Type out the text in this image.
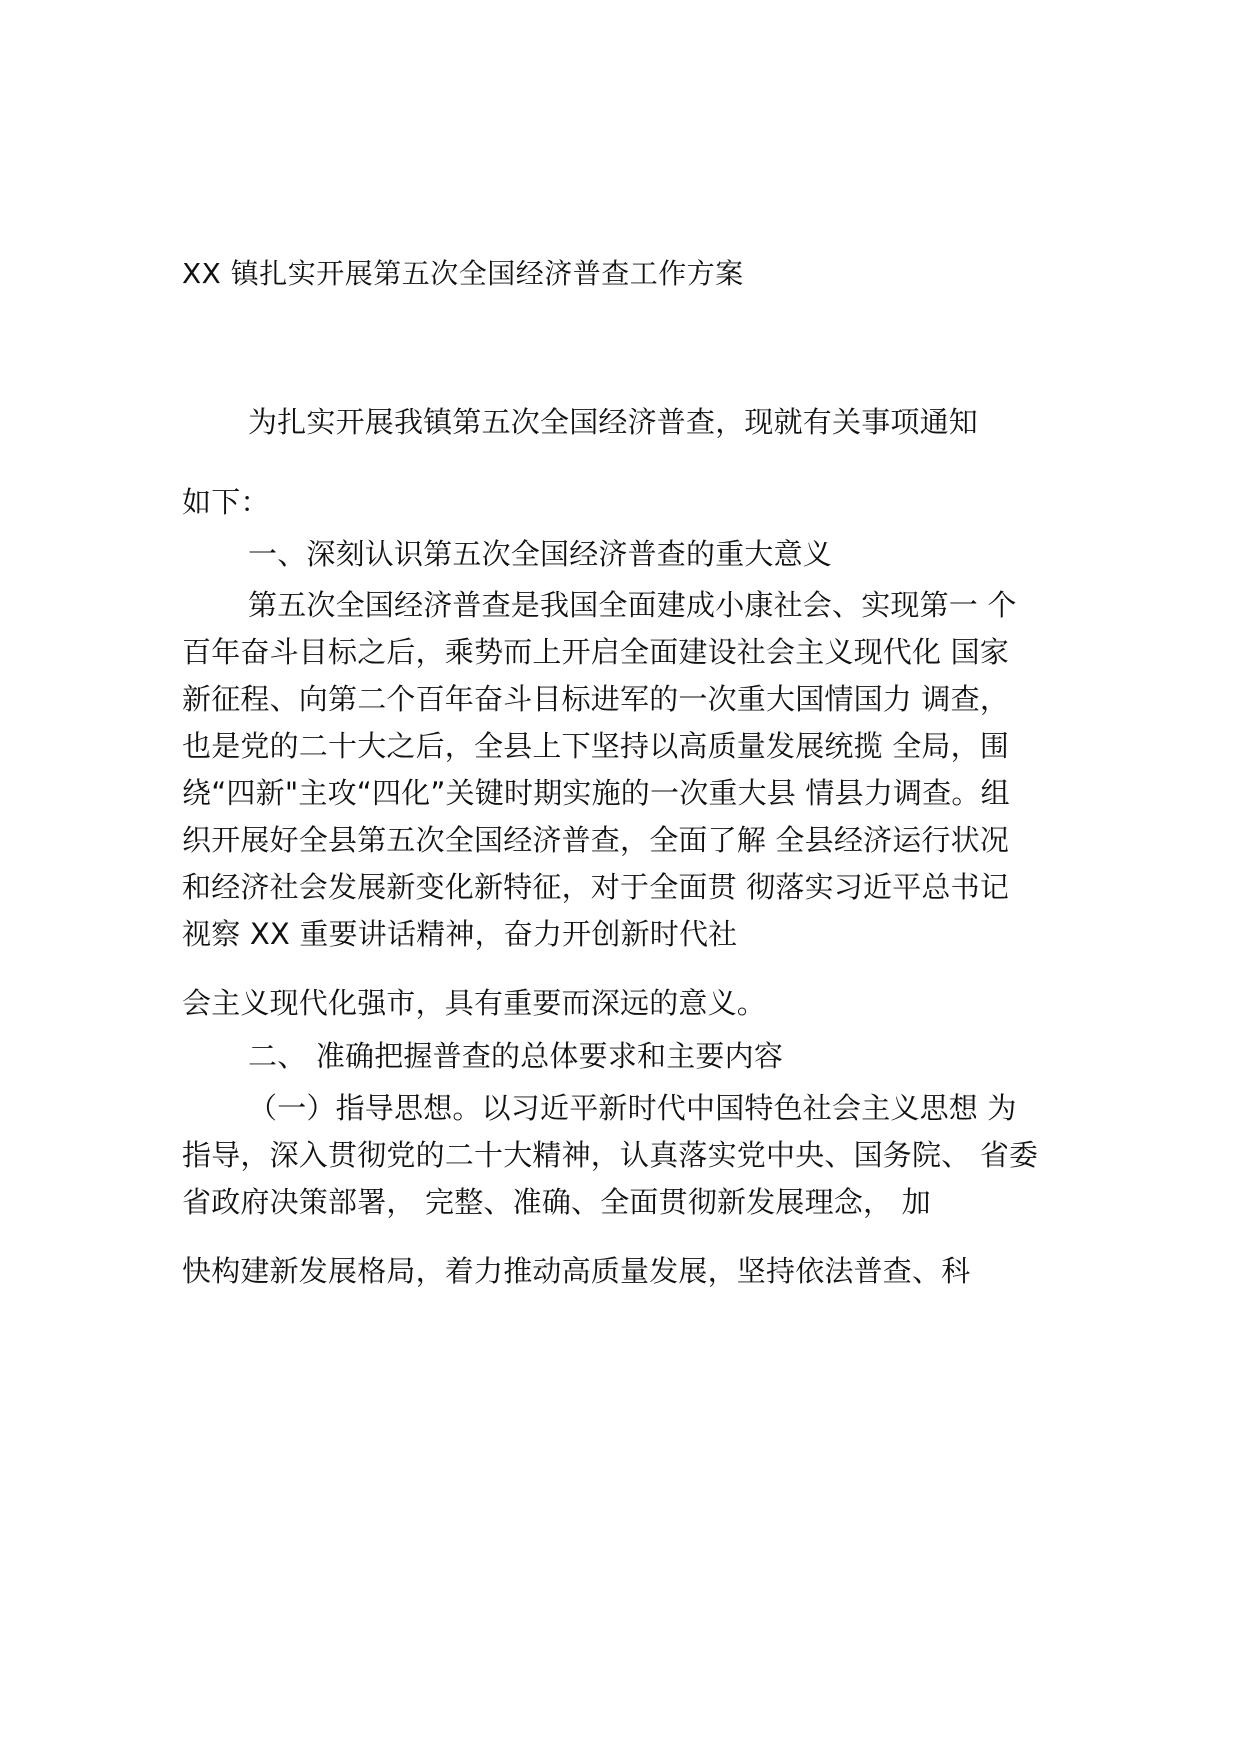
XX 镇扎实开展第五次全国经济普查工作方案
为扎实开展我镇第五次全国经济普查，现就有关事项通知
如下：
一、深刻认识第五次全国经济普查的重大意义
第五次全国经济普查是我国全面建成小康社会、实现第一 个
百年奋斗目标之后，乘势而上开启全面建设社会主义现代化 国家
新征程、向第二个百年奋斗目标进军的一次重大国情国力 调查，
也是党的二十大之后，全县上下坚持以高质量发展统揽 全局，围
绕“四新"主攻“四化”关键时期实施的一次重大县 情县力调查。组
织开展好全县第五次全国经济普查，全面了解 全县经济运行状况
和经济社会发展新变化新特征，对于全面贯 彻落实习近平总书记
视察 XX 重要讲话精神，奋力开创新时代社
会主义现代化强市，具有重要而深远的意义。
二、 准确把握普查的总体要求和主要内容
（一）指导思想。以习近平新时代中国特色社会主义思想 为
指导，深入贯彻党的二十大精神，认真落实党中央、国务院、 省委
省政府决策部署， 完整、准确、全面贯彻新发展理念， 加
快构建新发展格局，着力推动高质量发展，坚持依法普查、科
